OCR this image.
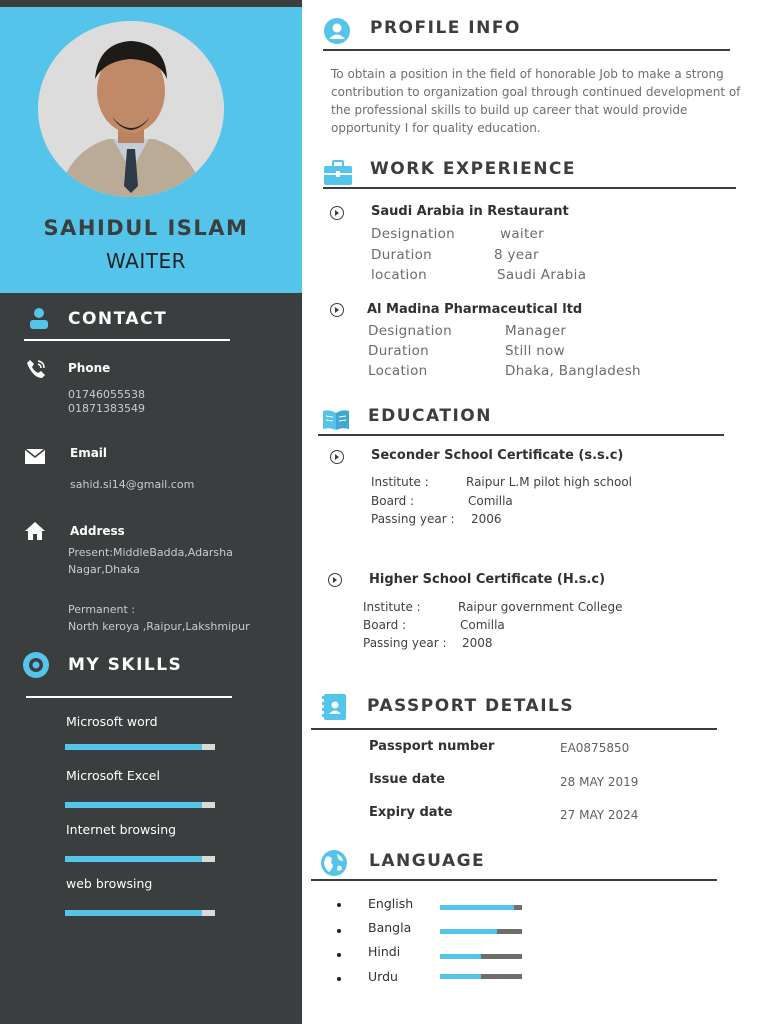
SAHIDUL ISLAM
WAITER
CONTACT
Phone
01746055538
01871383549
Email
sahid.si14@gmail.com
Address
Present:MiddleBadda,Adarsha
Nagar,Dhaka
Permanent :
North keroya ,Raipur,Lakshmipur
MY SKILLS
Microsoft word
Microsoft Excel
Internet browsing
web browsing
PROFILE INFO
To obtain a position in the field of honorable Job to make a strong contribution to organization goal through continued development of the professional skills to build up career that would provide opportunity I for quality education.
WORK EXPERIENCE
Saudi Arabia in Restaurant
Designation	waiter
Duration	8 year
location	Saudi Arabia
Al Madina Pharmaceutical ltd
Designation	Manager
Duration	Still now
Location	Dhaka, Bangladesh
EDUCATION
Seconder School Certificate (s.s.c)
Institute :	Raipur L.M pilot high school
Board :	Comilla
Passing year : 2006
Higher School Certificate (H.s.c)
Institute :	Raipur government College
Board :	Comilla
Passing year : 2008
PASSPORT DETAILS
Passport number	EA0875850
Issue date	28 MAY 2019
Expiry date	27 MAY 2024
LANGUAGE
English
Bangla
Hindi
Urdu
